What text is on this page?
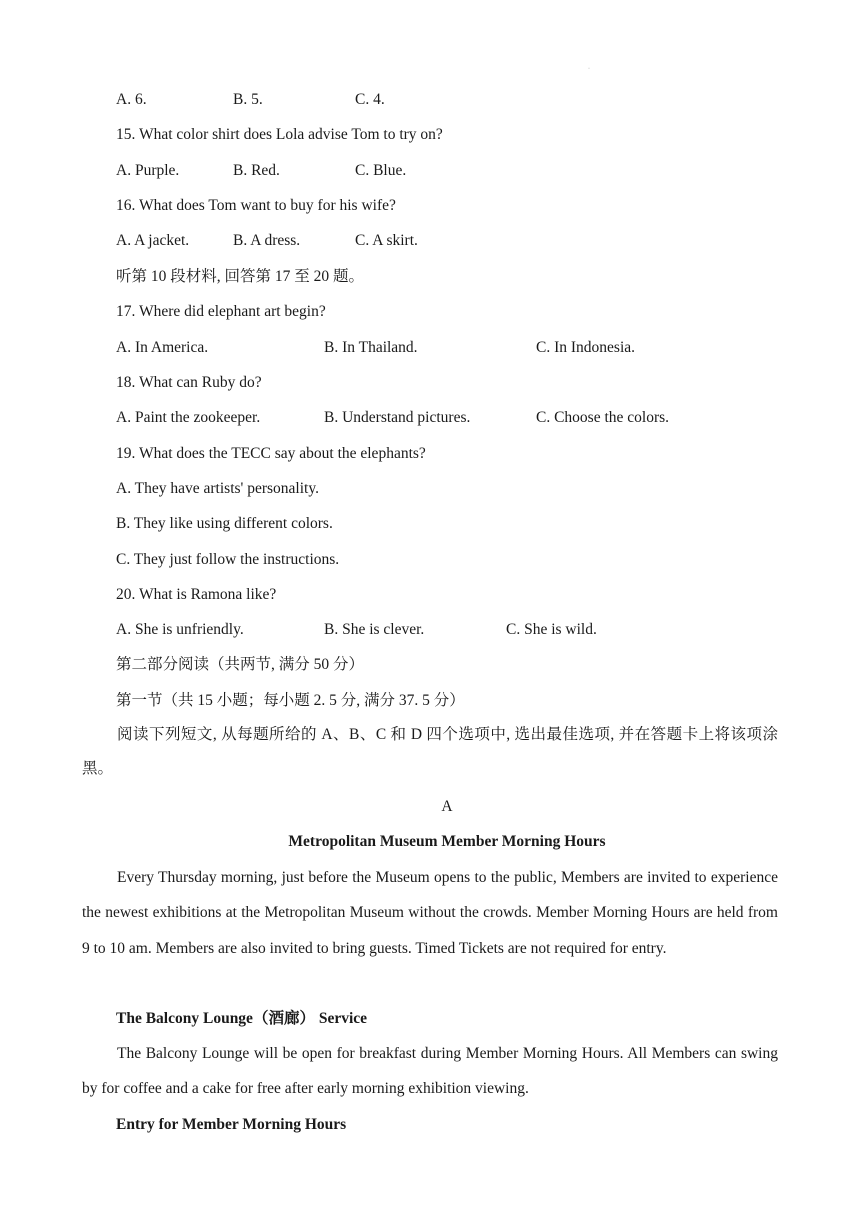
·
A. 6.	B. 5.	C. 4.
15. What color shirt does Lola advise Tom to try on?
A. Purple.	B. Red.	C. Blue.
16. What does Tom want to buy for his wife?
A. A jacket.	B. A dress.	C. A skirt.
听第 10 段材料, 回答第 17 至 20 题。
17. Where did elephant art begin?
A. In America.	B. In Thailand.	C. In Indonesia.
18. What can Ruby do?
A. Paint the zookeeper.	B. Understand pictures.	C. Choose the colors.
19. What does the TECC say about the elephants?
A. They have artists' personality.
B. They like using different colors.
C. They just follow the instructions.
20. What is Ramona like?
A. She is unfriendly.	B. She is clever.	C. She is wild.
第二部分阅读（共两节, 满分 50 分）
第一节（共 15 小题；每小题 2. 5 分, 满分 37. 5 分）
阅读下列短文, 从每题所给的 A、B、C 和 D 四个选项中, 选出最佳选项, 并在答题卡上将该项涂黑。
A
Metropolitan Museum Member Morning Hours
Every Thursday morning, just before the Museum opens to the public, Members are invited to experience the newest exhibitions at the Metropolitan Museum without the crowds. Member Morning Hours are held from 9 to 10 am. Members are also invited to bring guests. Timed Tickets are not required for entry.
The Balcony Lounge（酒廊） Service
The Balcony Lounge will be open for breakfast during Member Morning Hours. All Members can swing by for coffee and a cake for free after early morning exhibition viewing.
Entry for Member Morning Hours
